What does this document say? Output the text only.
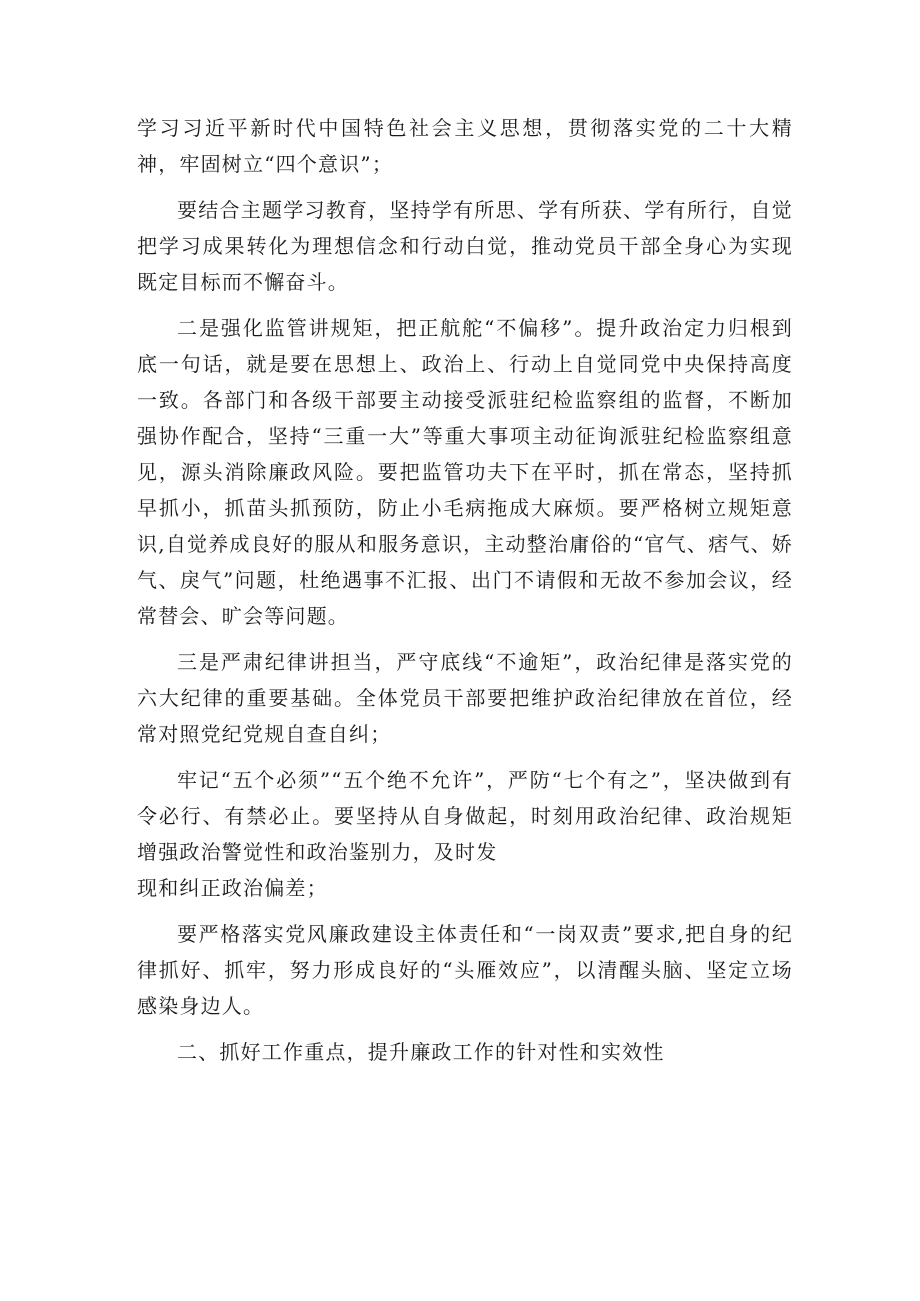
学习习近平新时代中国特色社会主义思想，贯彻落实党的二十大精神，牢固树立“四个意识”；

要结合主题学习教育，坚持学有所思、学有所获、学有所行，自觉把学习成果转化为理想信念和行动白觉，推动党员干部全身心为实现既定目标而不懈奋斗。

二是强化监管讲规矩，把正航舵“不偏移”。提升政治定力归根到底一句话，就是要在思想上、政治上、行动上自觉同党中央保持高度一致。各部门和各级干部要主动接受派驻纪检监察组的监督，不断加强协作配合，坚持“三重一大”等重大事项主动征询派驻纪检监察组意见，源头消除廉政风险。要把监管功夫下在平时，抓在常态，坚持抓早抓小，抓苗头抓预防，防止小毛病拖成大麻烦。要严格树立规矩意识,自觉养成良好的服从和服务意识，主动整治庸俗的“官气、痞气、娇气、戾气”问题，杜绝遇事不汇报、出门不请假和无故不参加会议，经常替会、旷会等问题。

三是严肃纪律讲担当，严守底线“不逾矩”，政治纪律是落实党的六大纪律的重要基础。全体党员干部要把维护政治纪律放在首位，经常对照党纪党规自查自纠；

牢记“五个必须”“五个绝不允许”，严防“七个有之”，坚决做到有令必行、有禁必止。要坚持从自身做起，时刻用政治纪律、政治规矩增强政治警觉性和政治鉴别力，及时发

现和纠正政治偏差；

要严格落实党风廉政建设主体责任和“一岗双责”要求,把自身的纪律抓好、抓牢，努力形成良好的“头雁效应”，以清醒头脑、坚定立场感染身边人。

二、抓好工作重点，提升廉政工作的针对性和实效性
